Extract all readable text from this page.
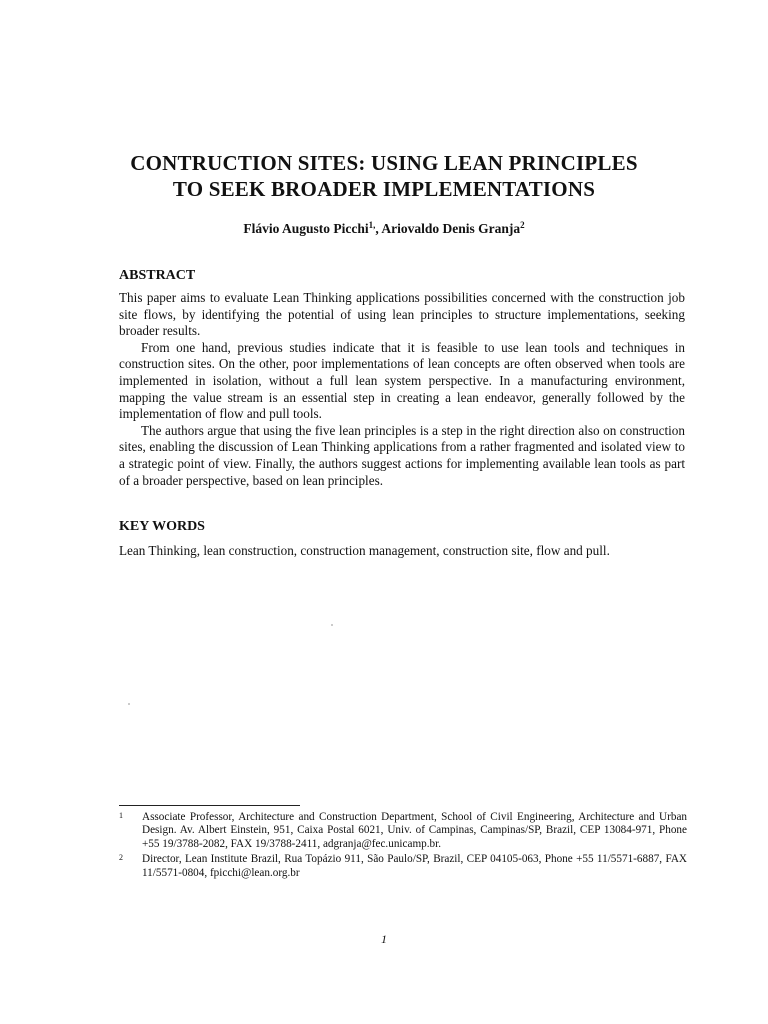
CONTRUCTION SITES: USING LEAN PRINCIPLES
TO SEEK BROADER IMPLEMENTATIONS
Flávio Augusto Picchi$^{1,}$, Ariovaldo Denis Granja$^2$
ABSTRACT

This paper aims to evaluate Lean Thinking applications possibilities concerned with the construction job site flows, by identifying the potential of using lean principles to structure implementations, seeking broader results.

From one hand, previous studies indicate that it is feasible to use lean tools and techniques in construction sites. On the other, poor implementations of lean concepts are often observed when tools are implemented in isolation, without a full lean system perspective. In a manufacturing environment, mapping the value stream is an essential step in creating a lean endeavor, generally followed by the implementation of flow and pull tools.

The authors argue that using the five lean principles is a step in the right direction also on construction sites, enabling the discussion of Lean Thinking applications from a rather fragmented and isolated view to a strategic point of view. Finally, the authors suggest actions for implementing available lean tools as part of a broader perspective, based on lean principles.

KEY WORDS
Lean Thinking, lean construction, construction management, construction site, flow and pull.
1 Associate Professor, Architecture and Construction Department, School of Civil Engineering, Architecture and Urban Design. Av. Albert Einstein, 951, Caixa Postal 6021, Univ. of Campinas, Campinas/SP, Brazil, CEP 13084-971, Phone +55 19/3788-2082, FAX 19/3788-2411, adgranja@fec.unicamp.br.
2 Director, Lean Institute Brazil, Rua Topázio 911, São Paulo/SP, Brazil, CEP 04105-063, Phone +55 11/5571-6887, FAX 11/5571-0804, fpicchi@lean.org.br
1
